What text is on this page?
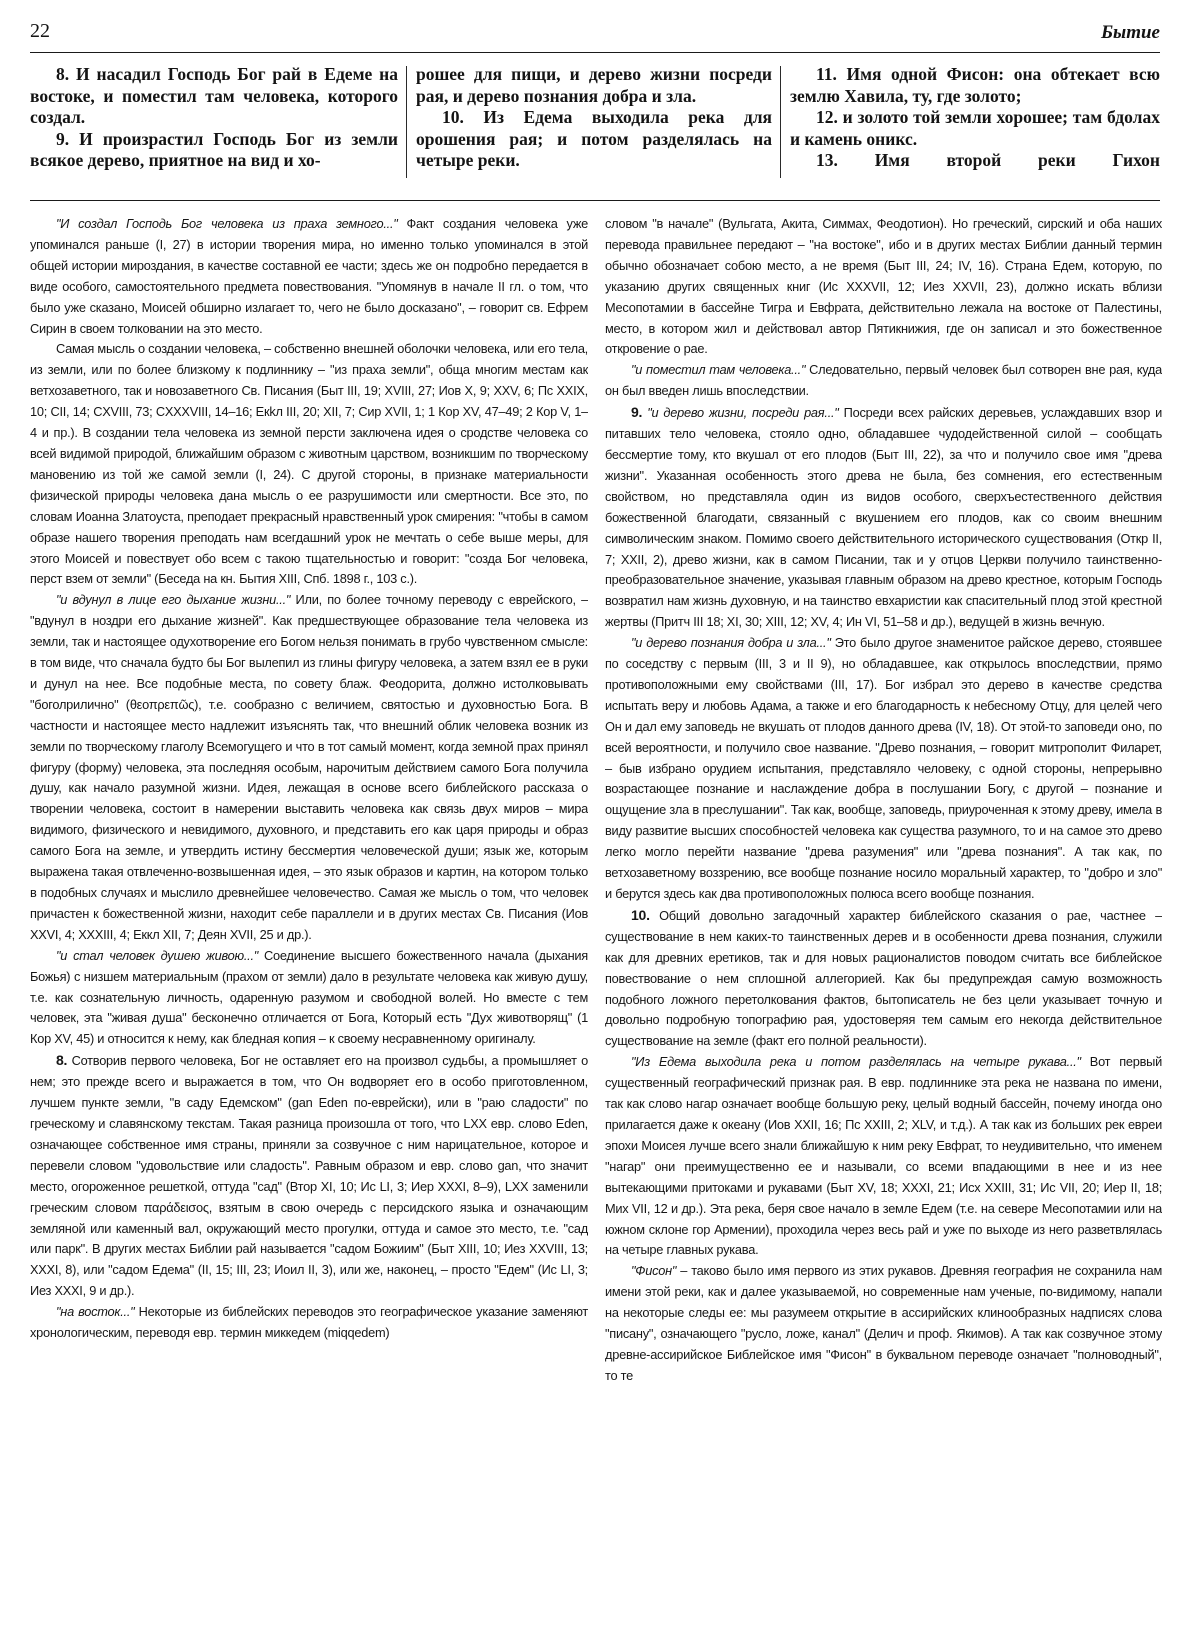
22	Бытие

8. И насадил Господь Бог рай в Едеме на востоке, и поместил там человека, которого создал.

9. И произрастил Господь Бог из земли всякое дерево, приятное на вид и хо-

рошее для пищи, и дерево жизни посреди рая, и дерево познания добра и зла.

10. Из Едема выходила река для орошения рая; и потом разделялась на четыре реки.

11. Имя одной Фисон: она обтекает всю землю Хавила, ту, где золото;

12. и золото той земли хорошее; там бдолах и камень оникс.

13. Имя второй реки Гихон

"И создал Господь Бог человека из праха земного..." Факт создания человека уже упоминался раньше (I, 27) в истории творения мира, но именно только упоминался в этой общей истории мироздания, в качестве составной ее части; здесь же он подробно передается в виде особого, самостоятельного предмета повествования. "Упомянув в начале II гл. о том, что было уже сказано, Моисей обширно излагает то, чего не было досказано", – говорит св. Ефрем Сирин в своем толковании на это место.

Самая мысль о создании человека, – собственно внешней оболочки человека, или его тела, из земли, или по более близкому к подлиннику – "из праха земли", обща многим местам как ветхозаветного, так и новозаветного Св. Писания (Быт III, 19; XVIII, 27; Иов X, 9; XXV, 6; Пс XXIX, 10; CII, 14; CXVIII, 73; CXXXVIII, 14–16; Екkл III, 20; XII, 7; Сир XVII, 1; 1 Кор XV, 47–49; 2 Кор V, 1–4 и пр.). В создании тела человека из земной персти заключена идея о сродстве человека со всей видимой природой, ближайшим образом с животным царством, возникшим по творческому мановению из той же самой земли (I, 24). С другой стороны, в признаке материальности физической природы человека дана мысль о ее разрушимости или смертности. Все это, по словам Иоанна Златоуста, преподает прекрасный нравственный урок смирения: "чтобы в самом образе нашего творения преподать нам всегдашний урок не мечтать о себе выше меры, для этого Моисей и повествует обо всем с такою тщательностью и говорит: "созда Бог человека, перст взем от земли" (Беседа на кн. Бытия XIII, Спб. 1898 г., 103 с.).

"и вдунул в лице его дыхание жизни..." Или, по более точному переводу с еврейского, – "вдунул в ноздри его дыхание жизней". Как предшествующее образование тела человека из земли, так и настоящее одухотворение его Богом нельзя понимать в грубо чувственном смысле: в том виде, что сначала будто бы Бог вылепил из глины фигуру человека, а затем взял ее в руки и дунул на нее. Все подобные места, по совету блаж. Феодорита, должно истолковывать "боголрилично" (θεοπρεπῶς), т.е. сообразно с величием, святостью и духовностью Бога. В частности и настоящее место надлежит изъяснять так, что внешний облик человека возник из земли по творческому глаголу Всемогущего и что в тот самый момент, когда земной прах принял фигуру (форму) человека, эта последняя особым, нарочитым действием самого Бога получила душу, как начало разумной жизни. Идея, лежащая в основе всего библейского рассказа о творении человека, состоит в намерении выставить человека как связь двух миров – мира видимого, физического и невидимого, духовного, и представить его как царя природы и образ самого Бога на земле, и утвердить истину бессмертия человеческой души; язык же, которым выражена такая отвлеченно-возвышенная идея, – это язык образов и картин, на котором только в подобных случаях и мыслило древнейшее человечество. Самая же мысль о том, что человек причастен к божественной жизни, находит себе параллели и в других местах Св. Писания (Иов XXVI, 4; XXXIII, 4; Еккл XII, 7; Деян XVII, 25 и др.).

"и стал человек душею живою..." Соединение высшего божественного начала (дыхания Божья) с низшем материальным (прахом от земли) дало в результате человека как живую душу, т.е. как сознательную личность, одаренную разумом и свободной волей. Но вместе с тем человек, эта "живая душа" бесконечно отличается от Бога, Который есть "Дух животворящ" (1 Кор XV, 45) и относится к нему, как бледная копия – к своему несравненному оригиналу.

8. Сотворив первого человека, Бог не оставляет его на произвол судьбы, а промышляет о нем; это прежде всего и выражается в том, что Он водворяет его в особо приготовленном, лучшем пункте земли, "в саду Едемском" (gan Eden по-еврейски), или в "раю сладости" по греческому и славянскому текстам. Такая разница произошла от того, что LXX евр. слово Eden, означающее собственное имя страны, приняли за созвучное с ним нарицательное, которое и перевели словом "удовольствие или сладость". Равным образом и евр. слово gan, что значит место, огороженное решеткой, оттуда "сад" (Втор XI, 10; Ис LI, 3; Иер XXXI, 8–9), LXX заменили греческим словом παράδεισος, взятым в свою очередь с персидского языка и означающим земляной или каменный вал, окружающий место прогулки, оттуда и самое это место, т.е. "сад или парк". В других местах Библии рай называется "садом Божиим" (Быт XIII, 10; Иез XXVIII, 13; XXXI, 8), или "садом Едема" (II, 15; III, 23; Иоил II, 3), или же, наконец, – просто "Едем" (Ис LI, 3; Иез XXXI, 9 и др.).

"на восток..." Некоторые из библейских переводов это географическое указание заменяют хронологическим, переводя евр. термин миккедем (miqqedem)

словом "в начале" (Вульгата, Акита, Симмах, Феодотион). Но греческий, сирский и оба наших перевода правильнее передают – "на востоке", ибо и в других местах Библии данный термин обычно обозначает собою место, а не время (Быт III, 24; IV, 16). Страна Едем, которую, по указанию других священных книг (Ис XXXVII, 12; Иез XXVII, 23), должно искать вблизи Месопотамии в бассейне Тигра и Евфрата, действительно лежала на востоке от Палестины, место, в котором жил и действовал автор Пятикнижия, где он записал и это божественное откровение о рае.

"и поместил там человека..." Следовательно, первый человек был сотворен вне рая, куда он был введен лишь впоследствии.

9. "и дерево жизни, посреди рая..." Посреди всех райских деревьев, услаждавших взор и питавших тело человека, стояло одно, обладавшее чудодейственной силой – сообщать бессмертие тому, кто вкушал от его плодов (Быт III, 22), за что и получило свое имя "древа жизни". Указанная особенность этого древа не была, без сомнения, его естественным свойством, но представляла один из видов особого, сверхъестественного действия божественной благодати, связанный с вкушением его плодов, как со своим внешним символическим знаком. Помимо своего действительного исторического существования (Откр II, 7; XXII, 2), древо жизни, как в самом Писании, так и у отцов Церкви получило таинственно-преобразовательное значение, указывая главным образом на древо крестное, которым Господь возвратил нам жизнь духовную, и на таинство евхаристии как спасительный плод этой крестной жертвы (Притч III 18; XI, 30; XIII, 12; XV, 4; Ин VI, 51–58 и др.), ведущей в жизнь вечную.

"и дерево познания добра и зла..." Это было другое знаменитое райское дерево, стоявшее по соседству с первым (III, 3 и II 9), но обладавшее, как открылось впоследствии, прямо противоположными ему свойствами (III, 17). Бог избрал это дерево в качестве средства испытать веру и любовь Адама, а также и его благодарность к небесному Отцу, для целей чего Он и дал ему заповедь не вкушать от плодов данного древа (IV, 18). От этой-то заповеди оно, по всей вероятности, и получило свое название. "Древо познания, – говорит митрополит Филарет, – быв избрано орудием испытания, представляло человеку, с одной стороны, непрерывно возрастающее познание и наслаждение добра в послушании Богу, с другой – познание и ощущение зла в преслушании". Так как, вообще, заповедь, приуроченная к этому древу, имела в виду развитие высших способностей человека как существа разумного, то и на самое это древо легко могло перейти название "древа разумения" или "древа познания". А так как, по ветхозаветному воззрению, все вообще познание носило моральный характер, то "добро и зло" и берутся здесь как два противоположных полюса всего вообще познания.

10. Общий довольно загадочный характер библейского сказания о рае, частнее – существование в нем каких-то таинственных дерев и в особенности древа познания, служили как для древних еретиков, так и для новых рационалистов поводом считать все библейское повествование о нем сплошной аллегорией. Как бы предупреждая самую возможность подобного ложного перетолкования фактов, бытописатель не без цели указывает точную и довольно подробную топографию рая, удостоверяя тем самым его некогда действительное существование на земле (факт его полной реальности).

"Из Едема выходила река и потом разделялась на четыре рукава..." Вот первый существенный географический признак рая. В евр. подлиннике эта река не названа по имени, так как слово нагар означает вообще большую реку, целый водный бассейн, почему иногда оно прилагается даже к океану (Иов XXII, 16; Пс XXIII, 2; XLV, и т.д.). А так как из больших рек евреи эпохи Моисея лучше всего знали ближайшую к ним реку Евфрат, то неудивительно, что именем "нагар" они преимущественно ее и называли, со всеми впадающими в нее и из нее вытекающими притоками и рукавами (Быт XV, 18; XXXI, 21; Исх XXIII, 31; Ис VII, 20; Иер II, 18; Мих VII, 12 и др.). Эта река, беря свое начало в земле Едем (т.е. на севере Месопотамии или на южном склоне гор Армении), проходила через весь рай и уже по выходе из него разветвлялась на четыре главных рукава.

"Фисон" – таково было имя первого из этих рукавов. Древняя география не сохранила нам имени этой реки, как и далее указываемой, но современные нам ученые, по-видимому, напали на некоторые следы ее: мы разумеем открытие в ассирийских клинообразных надписях слова "писану", означающего "русло, ложе, канал" (Делич и проф. Якимов). А так как созвучное этому древне-ассирийское Библейское имя "Фисон" в буквальном переводе означает "полноводный", то те
